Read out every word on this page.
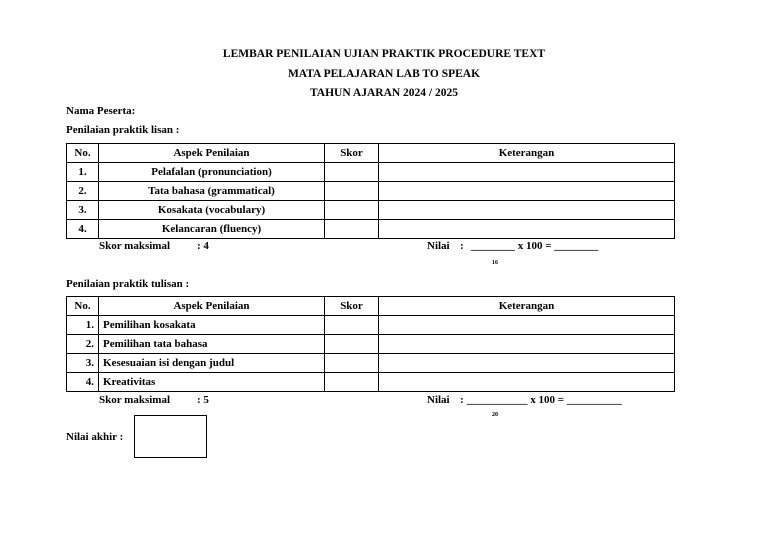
LEMBAR PENILAIAN UJIAN PRAKTIK PROCEDURE TEXT
MATA PELAJARAN LAB TO SPEAK
TAHUN AJARAN 2024 / 2025
Nama Peserta:
Penilaian praktik lisan :
No.	Aspek Penilaian	Skor	Keterangan
1.	Pelafalan (pronunciation)		
2.	Tata bahasa (grammatical)		
3.	Kosakata (vocabulary)		
4.	Kelancaran (fluency)		
Skor maksimal : 4	Nilai : ________ x 100 = ________
16
Penilaian praktik tulisan :
No.	Aspek Penilaian	Skor	Keterangan
1.	Pemilihan kosakata		
2.	Pemilihan tata bahasa		
3.	Kesesuaian isi dengan judul		
4.	Kreativitas		
Skor maksimal : 5	Nilai : ___________ x 100 = __________
20
Nilai akhir :
